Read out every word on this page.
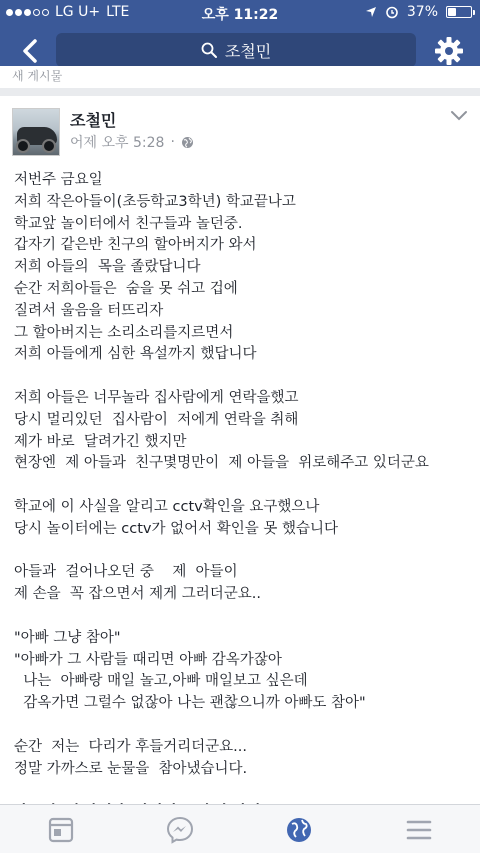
LG U+ LTE	오후 11:22	37%
조철민
새 게시물
조철민
어제 오후 5:28 ·
저번주 금요일
저희 작은아들이(초등학교3학년) 학교끝나고
학교앞 놀이터에서 친구들과 놀던중.
갑자기 같은반 친구의 할아버지가 와서
저희 아들의  목을 졸랐답니다
순간 저희아들은  숨을 못 쉬고 겁에
질려서 울음을 터뜨리자
그 할아버지는 소리소리를지르면서
저희 아들에게 심한 욕설까지 했답니다
저희 아들은 너무놀라 집사람에게 연락을했고
당시 멀리있던  집사람이  저에게 연락을 취해
제가 바로  달려가긴 했지만
현장엔  제 아들과  친구몇명만이  제 아들을  위로해주고 있더군요
학교에 이 사실을 알리고 cctv확인을 요구했으나
당시 놀이터에는 cctv가 없어서 확인을 못 했습니다
아들과  걸어나오던 중    제  아들이
제 손을  꼭 잡으면서 제게 그러더군요..
"아빠 그냥 참아"
"아빠가 그 사람들 때리면 아빠 감옥가잖아
나는  아빠랑 매일 놀고,아빠 매일보고 싶은데
감옥가면 그럴수 없잖아 나는 괜찮으니까 아빠도 참아"
순간  저는  다리가 후들거리더군요...
정말 가까스로 눈물을  참아냈습니다.
